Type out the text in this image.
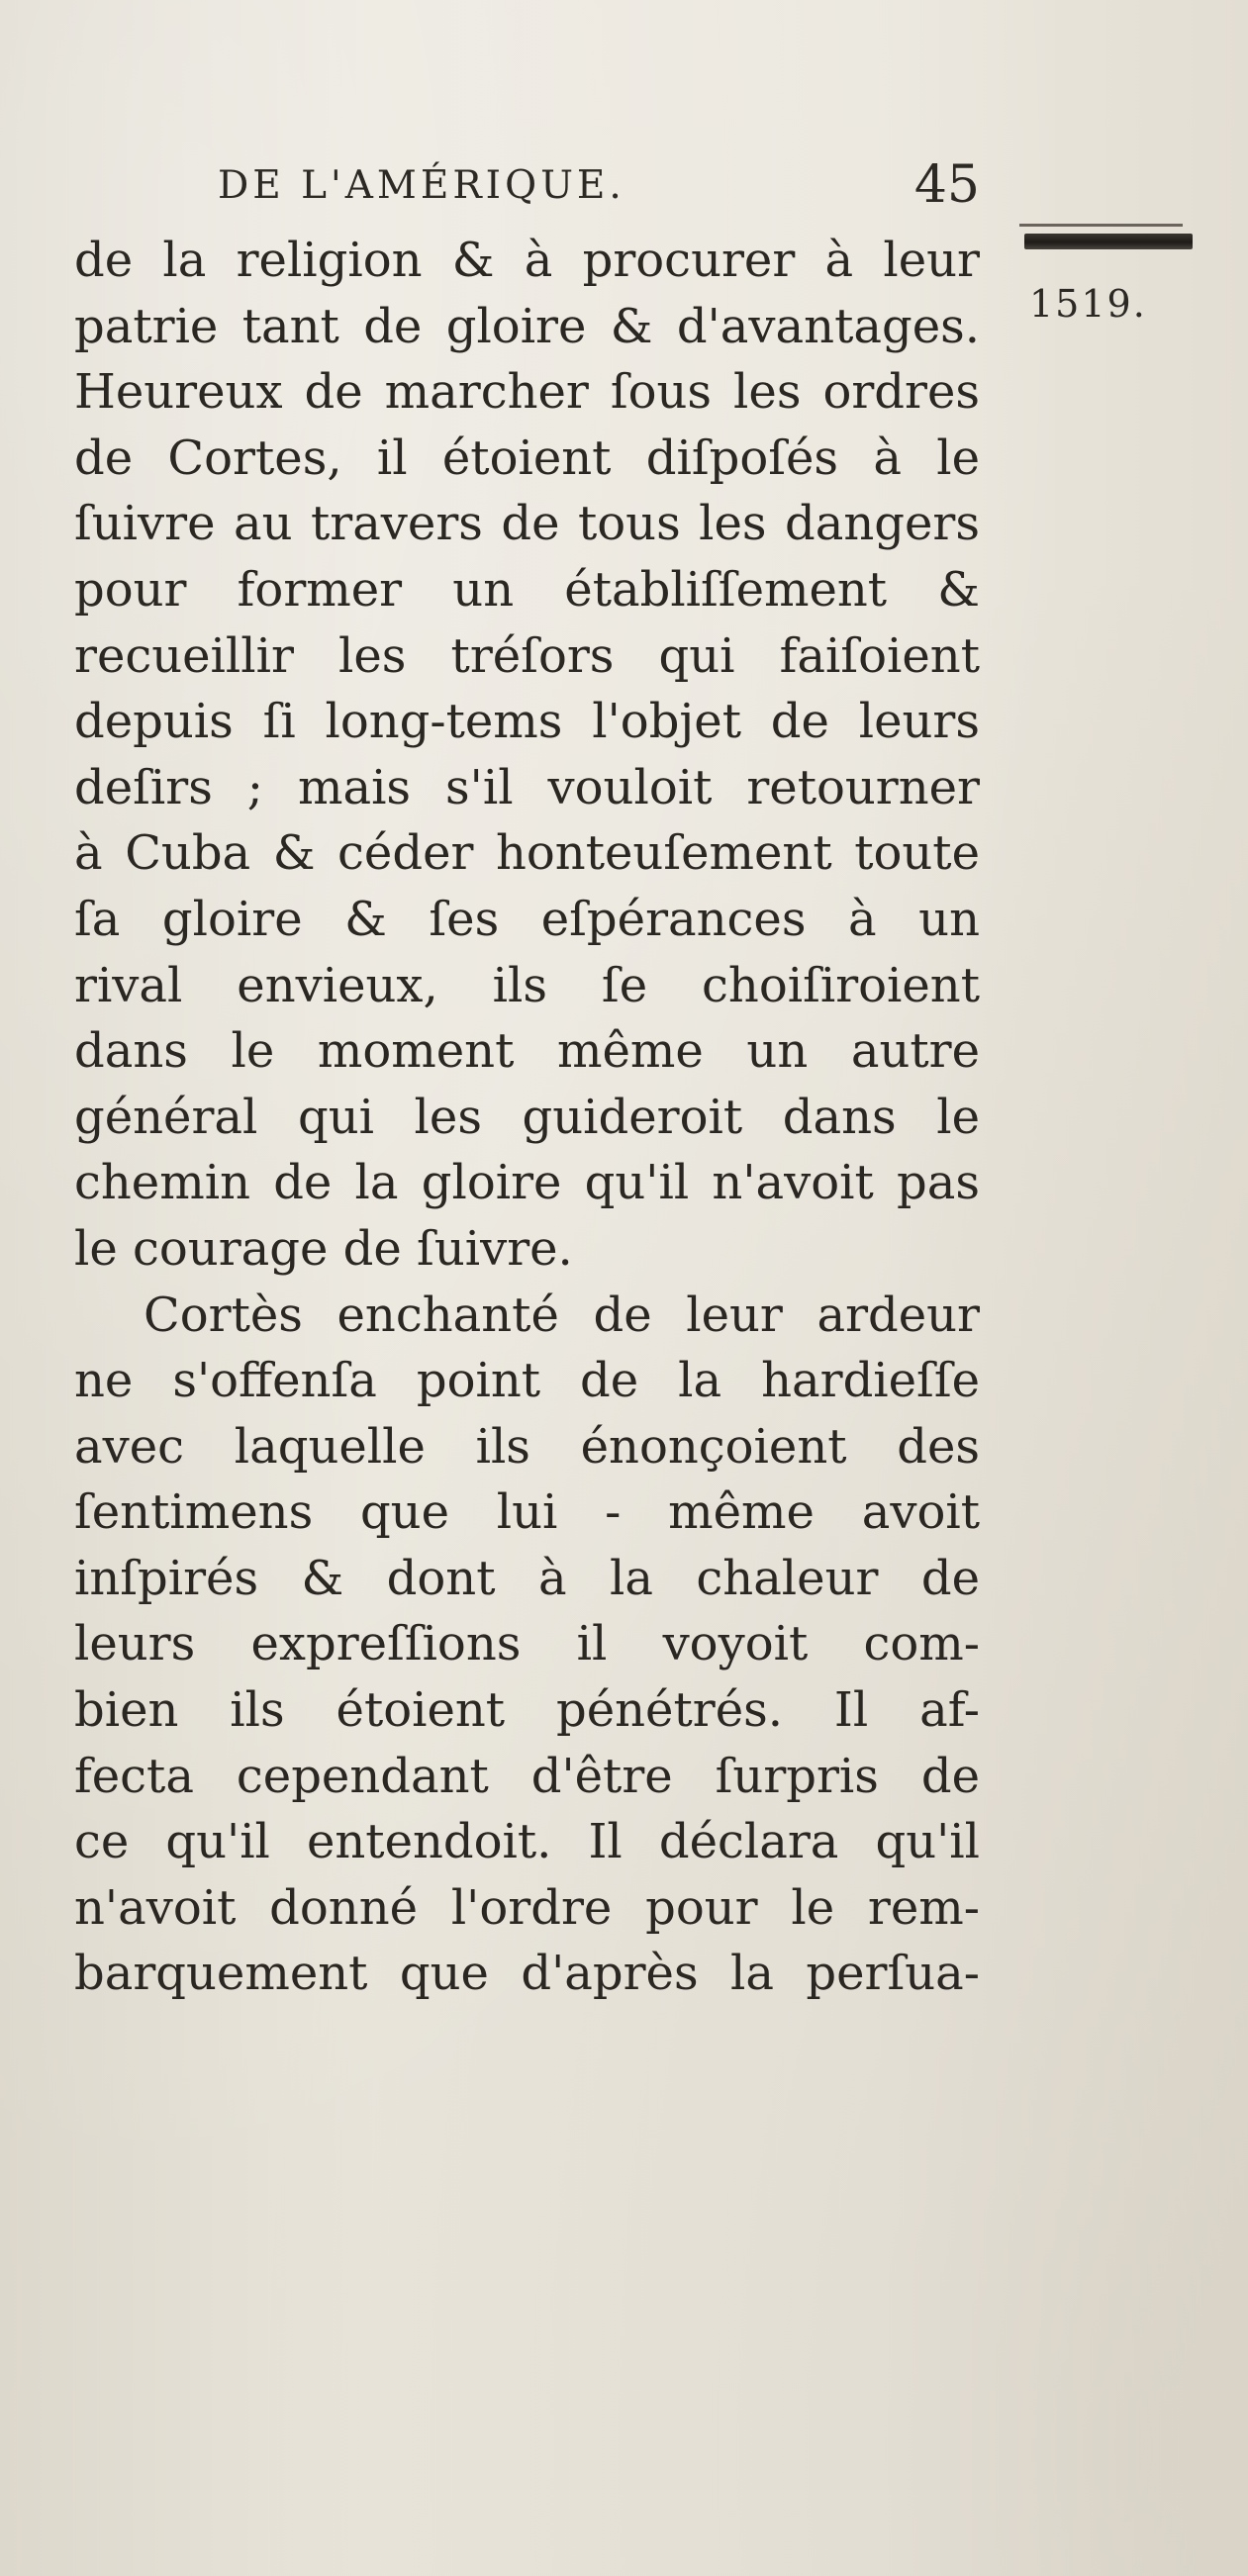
DE L'AMÉRIQUE.	45
1519.

de la religion & à procurer à leur
patrie tant de gloire & d'avantages.
Heureux de marcher ſous les ordres
de Cortes, il étoient diſpoſés à le
ſuivre au travers de tous les dangers
pour former un établiſſement &
recueillir les tréſors qui faiſoient
depuis ſi long-tems l'objet de leurs
deſirs ; mais s'il vouloit retourner
à Cuba & céder honteuſement toute
ſa gloire & ſes eſpérances à un
rival envieux, ils ſe choiſiroient
dans le moment même un autre
général qui les guideroit dans le
chemin de la gloire qu'il n'avoit pas
le courage de ſuivre.

Cortès enchanté de leur ardeur
ne s'offenſa point de la hardieſſe
avec laquelle ils énonçoient des
ſentimens que lui - même avoit
inſpirés & dont à la chaleur de
leurs expreſſions il voyoit com-
bien ils étoient pénétrés. Il af-
fecta cependant d'être ſurpris de
ce qu'il entendoit. Il déclara qu'il
n'avoit donné l'ordre pour le rem-
barquement que d'après la perſua-
